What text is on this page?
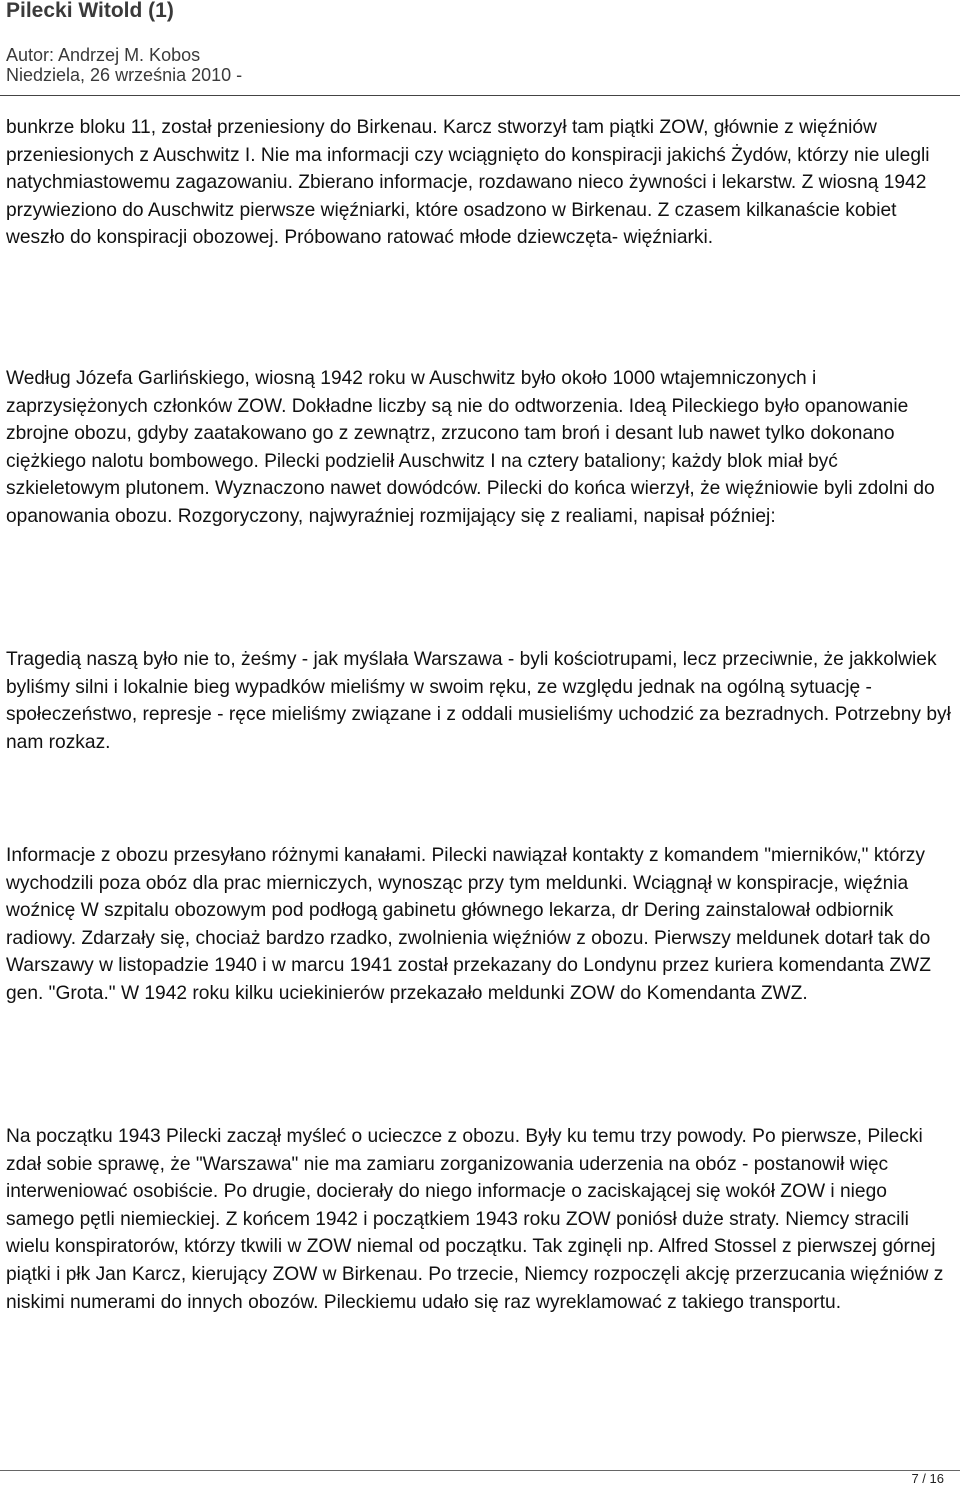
Pilecki Witold (1)
Autor: Andrzej M. Kobos
Niedziela, 26 września 2010 -

bunkrze bloku 11, został przeniesiony do Birkenau. Karcz stworzył tam piątki ZOW, głównie z więźniów przeniesionych z Auschwitz I. Nie ma informacji czy wciągnięto do konspiracji jakichś Żydów, którzy nie ulegli natychmiastowemu zagazowaniu. Zbierano informacje, rozdawano nieco żywności i lekarstw. Z wiosną 1942 przywieziono do Auschwitz pierwsze więźniarki, które osadzono w Birkenau. Z czasem kilkanaście kobiet weszło do konspiracji obozowej. Próbowano ratować młode dziewczęta- więźniarki.

Według Józefa Garlińskiego, wiosną 1942 roku w Auschwitz było około 1000 wtajemniczonych i zaprzysiężonych członków ZOW. Dokładne liczby są nie do odtworzenia. Ideą Pileckiego było opanowanie zbrojne obozu, gdyby zaatakowano go z zewnątrz, zrzucono tam broń i desant lub nawet tylko dokonano ciężkiego nalotu bombowego. Pilecki podzielił Auschwitz I na cztery bataliony; każdy blok miał być szkieletowym plutonem. Wyznaczono nawet dowódców. Pilecki do końca wierzył, że więźniowie byli zdolni do opanowania obozu. Rozgoryczony, najwyraźniej rozmijający się z realiami, napisał później:

Tragedią naszą było nie to, żeśmy - jak myślała Warszawa - byli kościotrupami, lecz przeciwnie, że jakkolwiek byliśmy silni i lokalnie bieg wypadków mieliśmy w swoim ręku, ze względu jednak na ogólną sytuację - społeczeństwo, represje - ręce mieliśmy związane i z oddali musieliśmy uchodzić za bezradnych. Potrzebny był nam rozkaz.

Informacje z obozu przesyłano różnymi kanałami. Pilecki nawiązał kontakty z komandem "mierników," którzy wychodzili poza obóz dla prac mierniczych, wynosząc przy tym meldunki. Wciągnął w konspiracje, więźnia woźnicę W szpitalu obozowym pod podłogą gabinetu głównego lekarza, dr Dering zainstalował odbiornik radiowy. Zdarzały się, chociaż bardzo rzadko, zwolnienia więźniów z obozu. Pierwszy meldunek dotarł tak do Warszawy w listopadzie 1940 i w marcu 1941 został przekazany do Londynu przez kuriera komendanta ZWZ gen. "Grota." W 1942 roku kilku uciekinierów przekazało meldunki ZOW do Komendanta ZWZ.

Na początku 1943 Pilecki zaczął myśleć o ucieczce z obozu. Były ku temu trzy powody. Po pierwsze, Pilecki zdał sobie sprawę, że "Warszawa" nie ma zamiaru zorganizowania uderzenia na obóz - postanowił więc interweniować osobiście. Po drugie, docierały do niego informacje o zaciskającej się wokół ZOW i niego samego pętli niemieckiej. Z końcem 1942 i początkiem 1943 roku ZOW poniósł duże straty. Niemcy stracili wielu konspiratorów, którzy tkwili w ZOW niemal od początku. Tak zginęli np. Alfred Stossel z pierwszej górnej piątki i płk Jan Karcz, kierujący ZOW w Birkenau. Po trzecie, Niemcy rozpoczęli akcję przerzucania więźniów z niskimi numerami do innych obozów. Pileckiemu udało się raz wyreklamować z takiego transportu.

7 / 16
